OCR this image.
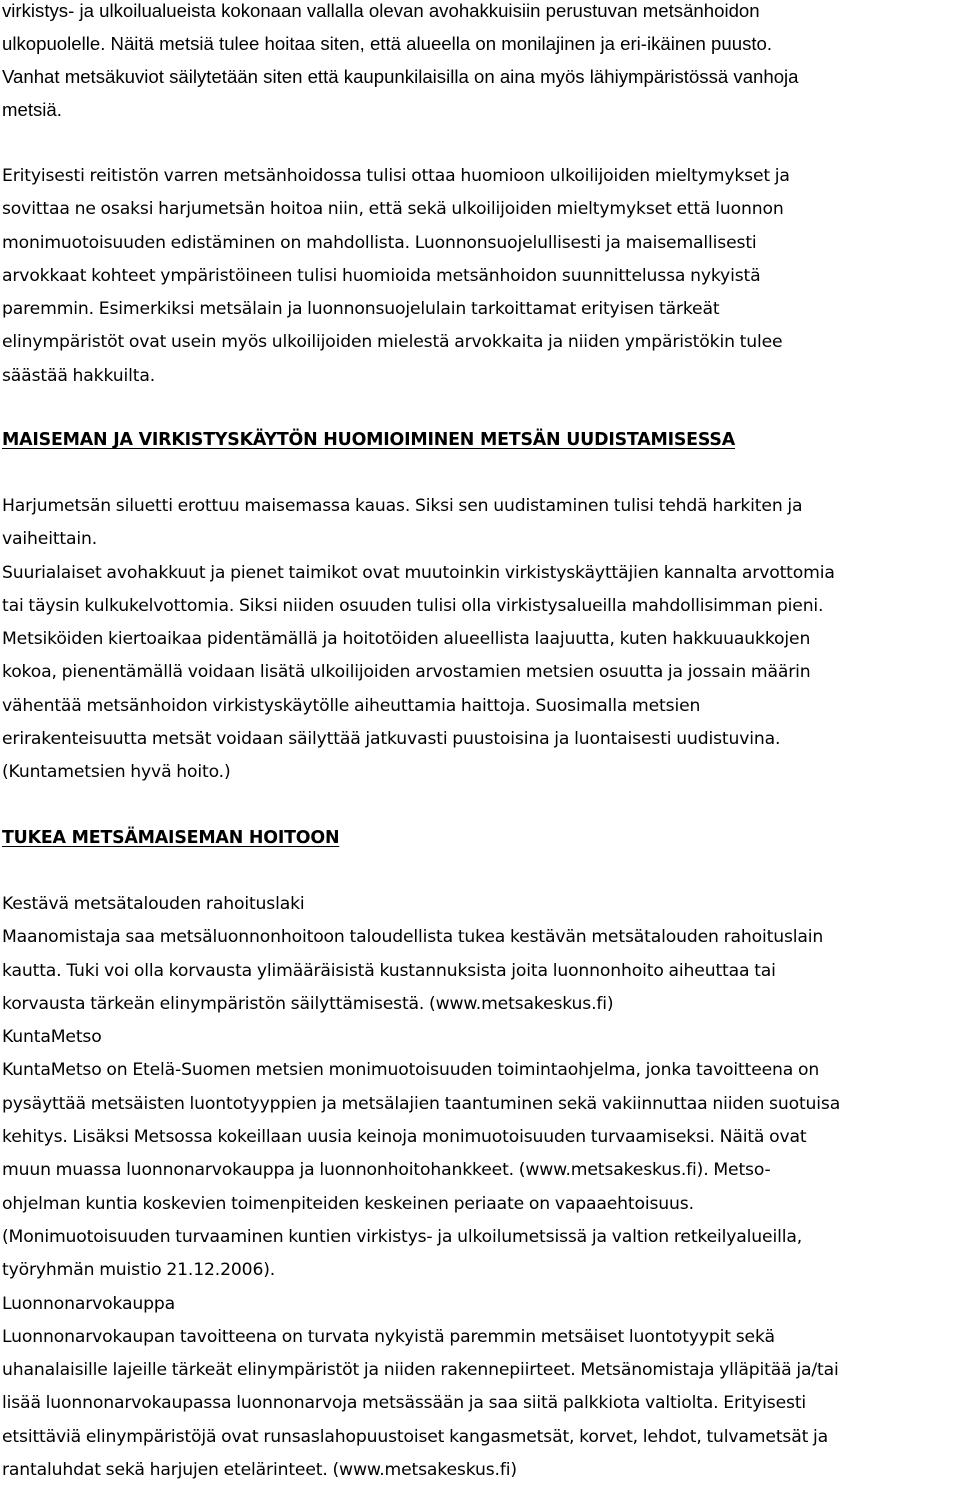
virkistys- ja ulkoilualueista kokonaan vallalla olevan avohakkuisiin perustuvan metsänhoidon
ulkopuolelle. Näitä metsiä tulee hoitaa siten, että alueella on monilajinen ja eri-ikäinen puusto.
Vanhat metsäkuviot säilytetään siten että kaupunkilaisilla on aina myös lähiympäristössä vanhoja
metsiä.

Erityisesti reitistön varren metsänhoidossa tulisi ottaa huomioon ulkoilijoiden mieltymykset ja
sovittaa ne osaksi harjumetsän hoitoa niin, että sekä ulkoilijoiden mieltymykset että luonnon
monimuotoisuuden edistäminen on mahdollista. Luonnonsuojelullisesti ja maisemallisesti
arvokkaat kohteet ympäristöineen tulisi huomioida metsänhoidon suunnittelussa nykyistä
paremmin. Esimerkiksi metsälain ja luonnonsuojelulain tarkoittamat erityisen tärkeät
elinympäristöt ovat usein myös ulkoilijoiden mielestä arvokkaita ja niiden ympäristökin tulee
säästää hakkuilta.

MAISEMAN JA VIRKISTYSKÄYTÖN HUOMIOIMINEN METSÄN UUDISTAMISESSA

Harjumetsän siluetti erottuu maisemassa kauas. Siksi sen uudistaminen tulisi tehdä harkiten ja
vaiheittain.
Suurialaiset avohakkuut ja pienet taimikot ovat muutoinkin virkistyskäyttäjien kannalta arvottomia
tai täysin kulkukelvottomia. Siksi niiden osuuden tulisi olla virkistysalueilla mahdollisimman pieni.
Metsiköiden kiertoaikaa pidentämällä ja hoitotöiden alueellista laajuutta, kuten hakkuuaukkojen
kokoa, pienentämällä voidaan lisätä ulkoilijoiden arvostamien metsien osuutta ja jossain määrin
vähentää metsänhoidon virkistyskäytölle aiheuttamia haittoja. Suosimalla metsien
erirakenteisuutta metsät voidaan säilyttää jatkuvasti puustoisina ja luontaisesti uudistuvina.
(Kuntametsien hyvä hoito.)

TUKEA METSÄMAISEMAN HOITOON

Kestävä metsätalouden rahoituslaki
Maanomistaja saa metsäluonnonhoitoon taloudellista tukea kestävän metsätalouden rahoituslain
kautta. Tuki voi olla korvausta ylimääräisistä kustannuksista joita luonnonhoito aiheuttaa tai
korvausta tärkeän elinympäristön säilyttämisestä. (www.metsakeskus.fi)
KuntaMetso
KuntaMetso on Etelä-Suomen metsien monimuotoisuuden toimintaohjelma, jonka tavoitteena on
pysäyttää metsäisten luontotyyppien ja metsälajien taantuminen sekä vakiinnuttaa niiden suotuisa
kehitys. Lisäksi Metsossa kokeillaan uusia keinoja monimuotoisuuden turvaamiseksi. Näitä ovat
muun muassa luonnonarvokauppa ja luonnonhoitohankkeet. (www.metsakeskus.fi). Metso-
ohjelman kuntia koskevien toimenpiteiden keskeinen periaate on vapaaehtoisuus.
(Monimuotoisuuden turvaaminen kuntien virkistys- ja ulkoilumetsissä ja valtion retkeilyalueilla,
työryhmän muistio 21.12.2006).
Luonnonarvokauppa
Luonnonarvokaupan tavoitteena on turvata nykyistä paremmin metsäiset luontotyypit sekä
uhanalaisille lajeille tärkeät elinympäristöt ja niiden rakennepiirteet. Metsänomistaja ylläpitää ja/tai
lisää luonnonarvokaupassa luonnonarvoja metsässään ja saa siitä palkkiota valtiolta. Erityisesti
etsittäviä elinympäristöjä ovat runsaslahopuustoiset kangasmetsät, korvet, lehdot, tulvametsät ja
rantaluhdat sekä harjujen etelärinteet. (www.metsakeskus.fi)
